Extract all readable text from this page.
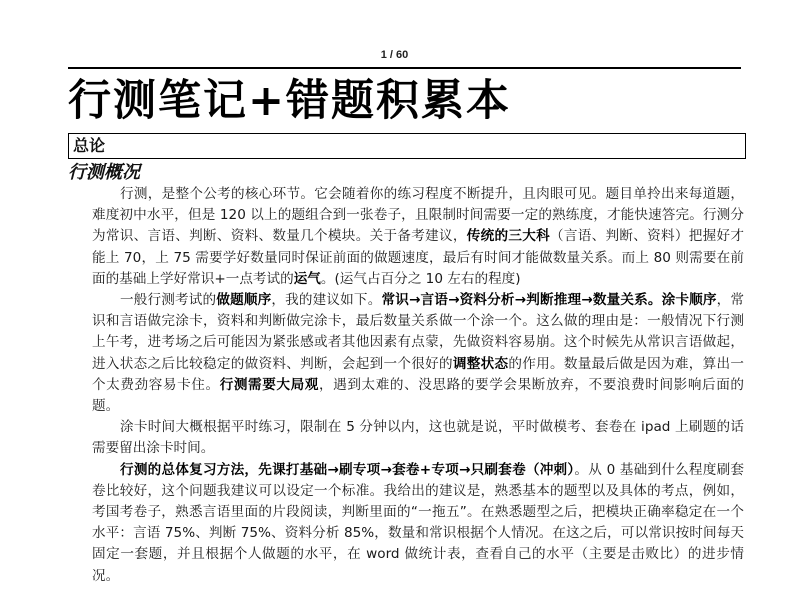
1 / 60
行测笔记+错题积累本
总论
行测概况

行测，是整个公考的核心环节。它会随着你的练习程度不断提升，且肉眼可见。题目单拎出来每道题，难度初中水平，但是 120 以上的题组合到一张卷子，且限制时间需要一定的熟练度，才能快速答完。行测分为常识、言语、判断、资料、数量几个模块。关于备考建议，传统的三大科（言语、判断、资料）把握好才能上 70，上 75 需要学好数量同时保证前面的做题速度，最后有时间才能做数量关系。而上 80 则需要在前面的基础上学好常识+一点考试的运气。(运气占百分之 10 左右的程度)

一般行测考试的做题顺序，我的建议如下。常识→言语→资料分析→判断推理→数量关系。涂卡顺序，常识和言语做完涂卡，资料和判断做完涂卡，最后数量关系做一个涂一个。这么做的理由是：一般情况下行测上午考，进考场之后可能因为紧张感或者其他因素有点蒙，先做资料容易崩。这个时候先从常识言语做起，进入状态之后比较稳定的做资料、判断，会起到一个很好的调整状态的作用。数量最后做是因为难，算出一个太费劲容易卡住。行测需要大局观，遇到太难的、没思路的要学会果断放弃，不要浪费时间影响后面的题。

涂卡时间大概根据平时练习，限制在 5 分钟以内，这也就是说，平时做模考、套卷在 ipad 上刷题的话需要留出涂卡时间。

行测的总体复习方法，先课打基础→刷专项→套卷+专项→只刷套卷（冲刺）。从 0 基础到什么程度刷套卷比较好，这个问题我建议可以设定一个标准。我给出的建议是，熟悉基本的题型以及具体的考点，例如，考国考卷子，熟悉言语里面的片段阅读，判断里面的“一拖五”。在熟悉题型之后，把模块正确率稳定在一个水平：言语 75%、判断 75%、资料分析 85%，数量和常识根据个人情况。在这之后，可以常识按时间每天固定一套题，并且根据个人做题的水平，在 word 做统计表，查看自己的水平（主要是击败比）的进步情况。
